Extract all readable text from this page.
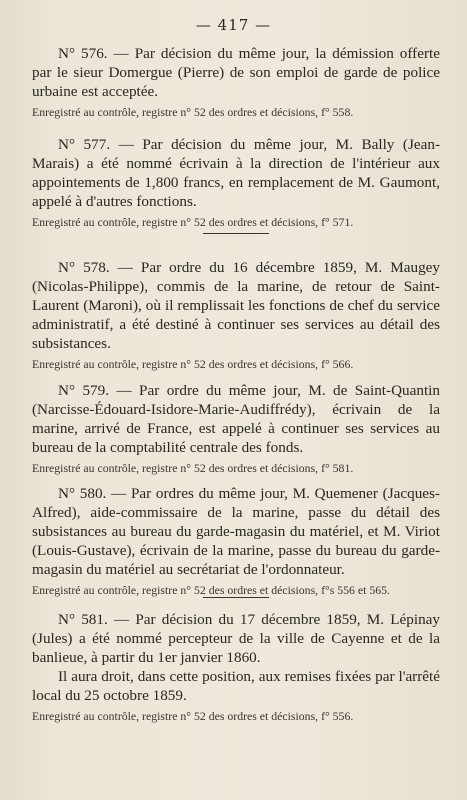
— 417 —
N° 576. — Par décision du même jour, la démission offerte par le sieur Domergue (Pierre) de son emploi de garde de police urbaine est acceptée.
Enregistré au contrôle, registre n° 52 des ordres et décisions, f° 558.
N° 577. — Par décision du même jour, M. Bally (Jean-Marais) a été nommé écrivain à la direction de l'intérieur aux appointements de 1,800 francs, en remplacement de M. Gaumont, appelé à d'autres fonctions.
Enregistré au contrôle, registre n° 52 des ordres et décisions, f° 571.
N° 578. — Par ordre du 16 décembre 1859, M. Maugey (Nicolas-Philippe), commis de la marine, de retour de Saint-Laurent (Maroni), où il remplissait les fonctions de chef du service administratif, a été destiné à continuer ses services au détail des subsistances.
Enregistré au contrôle, registre n° 52 des ordres et décisions, f° 566.
N° 579. — Par ordre du même jour, M. de Saint-Quantin (Narcisse-Édouard-Isidore-Marie-Audiffrédy), écrivain de la marine, arrivé de France, est appelé à continuer ses services au bureau de la comptabilité centrale des fonds.
Enregistré au contrôle, registre n° 52 des ordres et décisions, f° 581.
N° 580. — Par ordres du même jour, M. Quemener (Jacques-Alfred), aide-commissaire de la marine, passe du détail des subsistances au bureau du garde-magasin du matériel, et M. Viriot (Louis-Gustave), écrivain de la marine, passe du bureau du garde-magasin du matériel au secrétariat de l'ordonnateur.
Enregistré au contrôle, registre n° 52 des ordres et décisions, f°s 556 et 565.
N° 581. — Par décision du 17 décembre 1859, M. Lépinay (Jules) a été nommé percepteur de la ville de Cayenne et de la banlieue, à partir du 1er janvier 1860.
Il aura droit, dans cette position, aux remises fixées par l'arrêté local du 25 octobre 1859.
Enregistré au contrôle, registre n° 52 des ordres et décisions, f° 556.
